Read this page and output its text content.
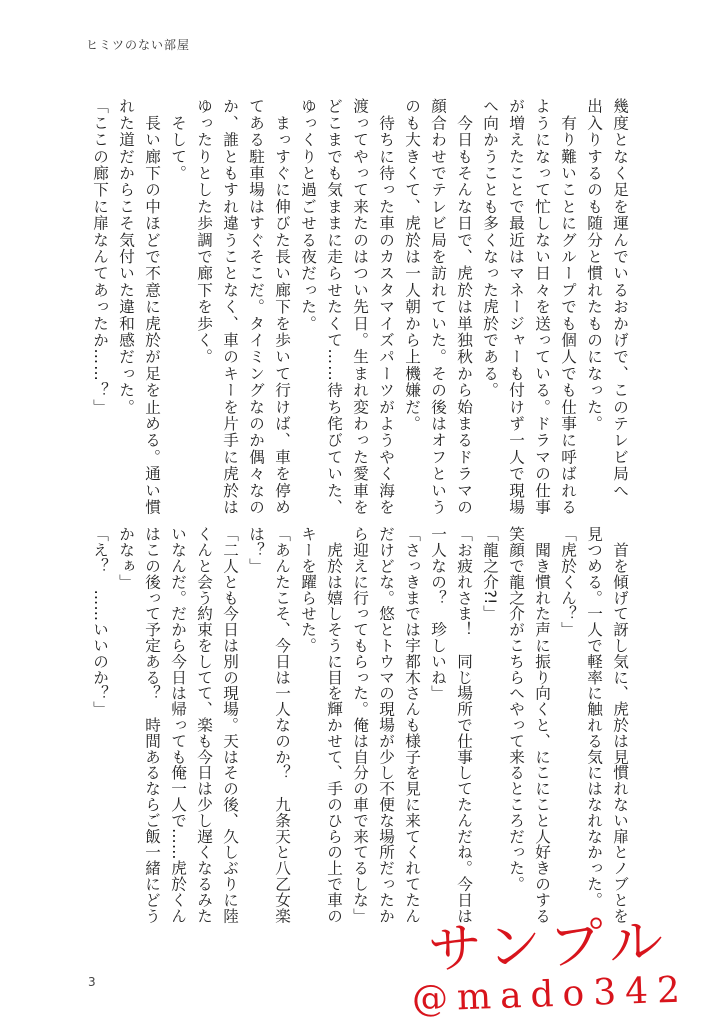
ヒミツのない部屋
幾度となく足を運んでいるおかげで、このテレビ局へ
出入りするのも随分と慣れたものになった。
　有り難いことにグループでも個人でも仕事に呼ばれる
ようになって忙しない日々を送っている。ドラマの仕事
が増えたことで最近はマネージャーも付けず一人で現場
へ向かうことも多くなった虎於である。
　今日もそんな日で、虎於は単独秋から始まるドラマの
顔合わせでテレビ局を訪れていた。その後はオフという
のも大きくて、虎於は一人朝から上機嫌だ。
　待ちに待った車のカスタマイズパーツがようやく海を
渡ってやって来たのはつい先日。生まれ変わった愛車を
どこまでも気ままに走らせたくて……待ち侘びていた、
ゆっくりと過ごせる夜だった。
　まっすぐに伸びた長い廊下を歩いて行けば、車を停め
てある駐車場はすぐそこだ。タイミングなのか偶々なの
か、誰ともすれ違うことなく、車のキーを片手に虎於は
ゆったりとした歩調で廊下を歩く。
　そして。
　長い廊下の中ほどで不意に虎於が足を止める。通い慣
れた道だからこそ気付いた違和感だった。
「ここの廊下に扉なんてあったか……？」
　首を傾げて訝し気に、虎於は見慣れない扉とノブとを
見つめる。一人で軽率に触れる気にはなれなかった。
「虎於くん？」
　聞き慣れた声に振り向くと、にこにこと人好きのする
笑顔で龍之介がこちらへやって来るところだった。
「龍之介?!」
「お疲れさま！　同じ場所で仕事してたんだね。今日は
一人なの？　珍しいね」
「さっきまでは宇都木さんも様子を見に来てくれてたん
だけどな。悠とトウマの現場が少し不便な場所だったか
ら迎えに行ってもらった。俺は自分の車で来てるしな」
　虎於は嬉しそうに目を輝かせて、手のひらの上で車の
キーを躍らせた。
「あんたこそ、今日は一人なのか？　九条天と八乙女楽
は？」
「二人とも今日は別の現場。天はその後、久しぶりに陸
くんと会う約束をしてて、楽も今日は少し遅くなるみた
いなんだ。だから今日は帰っても俺一人で……虎於くん
はこの後って予定ある？　時間あるならご飯一緒にどう
かなぁ」
「え？　……いいのか？」
3
サンプル
@mado342
